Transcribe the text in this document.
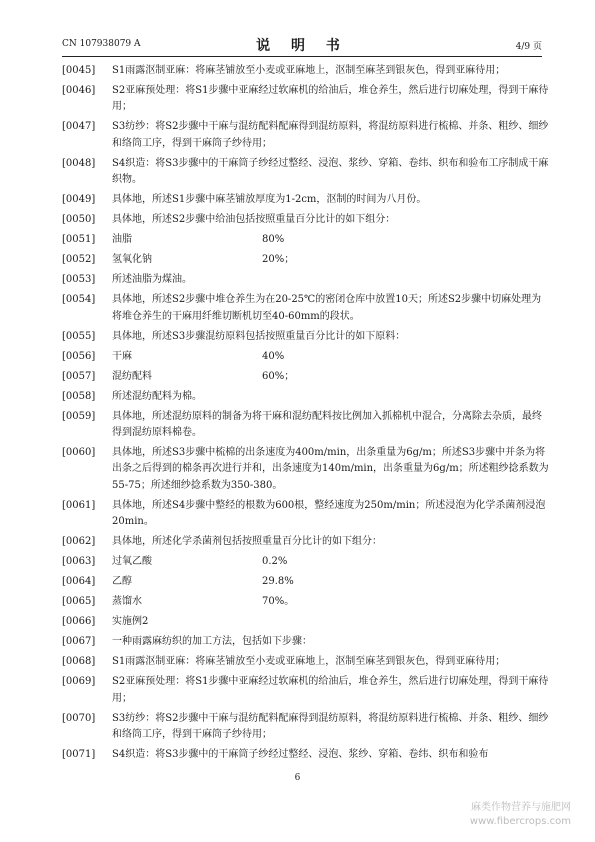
CN 107938079 A	说 明 书	4/9 页
[0045] S1雨露沤制亚麻：将麻茎铺放至小麦或亚麻地上，沤制至麻茎到银灰色，得到亚麻待用；
[0046] S2亚麻预处理：将S1步骤中亚麻经过软麻机的给油后，堆仓养生，然后进行切麻处理，得到干麻待用；
[0047] S3纺纱：将S2步骤中干麻与混纺配料配麻得到混纺原料，将混纺原料进行梳棉、并条、粗纱、细纱和络筒工序，得到干麻筒子纱待用；
[0048] S4织造：将S3步骤中的干麻筒子纱经过整经、浸泡、浆纱、穿箱、卷纬、织布和验布工序制成干麻织物。
[0049] 具体地，所述S1步骤中麻茎铺放厚度为1-2cm，沤制的时间为八月份。
[0050] 具体地，所述S2步骤中给油包括按照重量百分比计的如下组分：
[0051] 油脂	80%
[0052] 氢氧化钠	20%；
[0053] 所述油脂为煤油。
[0054] 具体地，所述S2步骤中堆仓养生为在20-25℃的密闭仓库中放置10天；所述S2步骤中切麻处理为将堆仓养生的干麻用纤维切断机切至40-60mm的段状。
[0055] 具体地，所述S3步骤混纺原料包括按照重量百分比计的如下原料：
[0056] 干麻	40%
[0057] 混纺配料	60%；
[0058] 所述混纺配料为棉。
[0059] 具体地，所述混纺原料的制备为将干麻和混纺配料按比例加入抓棉机中混合，分离除去杂质，最终得到混纺原料棉卷。
[0060] 具体地，所述S3步骤中梳棉的出条速度为400m/min，出条重量为6g/m；所述S3步骤中并条为将出条之后得到的棉条再次进行并和，出条速度为140m/min，出条重量为6g/m；所述粗纱捻系数为55-75；所述细纱捻系数为350-380。
[0061] 具体地，所述S4步骤中整经的根数为600根，整经速度为250m/min；所述浸泡为化学杀菌剂浸泡20min。
[0062] 具体地，所述化学杀菌剂包括按照重量百分比计的如下组分：
[0063] 过氧乙酸	0.2%
[0064] 乙醇	29.8%
[0065] 蒸馏水	70%。
[0066] 实施例2
[0067] 一种雨露麻纺织的加工方法，包括如下步骤：
[0068] S1雨露沤制亚麻：将麻茎铺放至小麦或亚麻地上，沤制至麻茎到银灰色，得到亚麻待用；
[0069] S2亚麻预处理：将S1步骤中亚麻经过软麻机的给油后，堆仓养生，然后进行切麻处理，得到干麻待用；
[0070] S3纺纱：将S2步骤中干麻与混纺配料配麻得到混纺原料，将混纺原料进行梳棉、并条、粗纱、细纱和络筒工序，得到干麻筒子纱待用；
[0071] S4织造：将S3步骤中的干麻筒子纱经过整经、浸泡、浆纱、穿箱、卷纬、织布和验布
6
麻类作物营养与施肥网
www.fibercrops.com
